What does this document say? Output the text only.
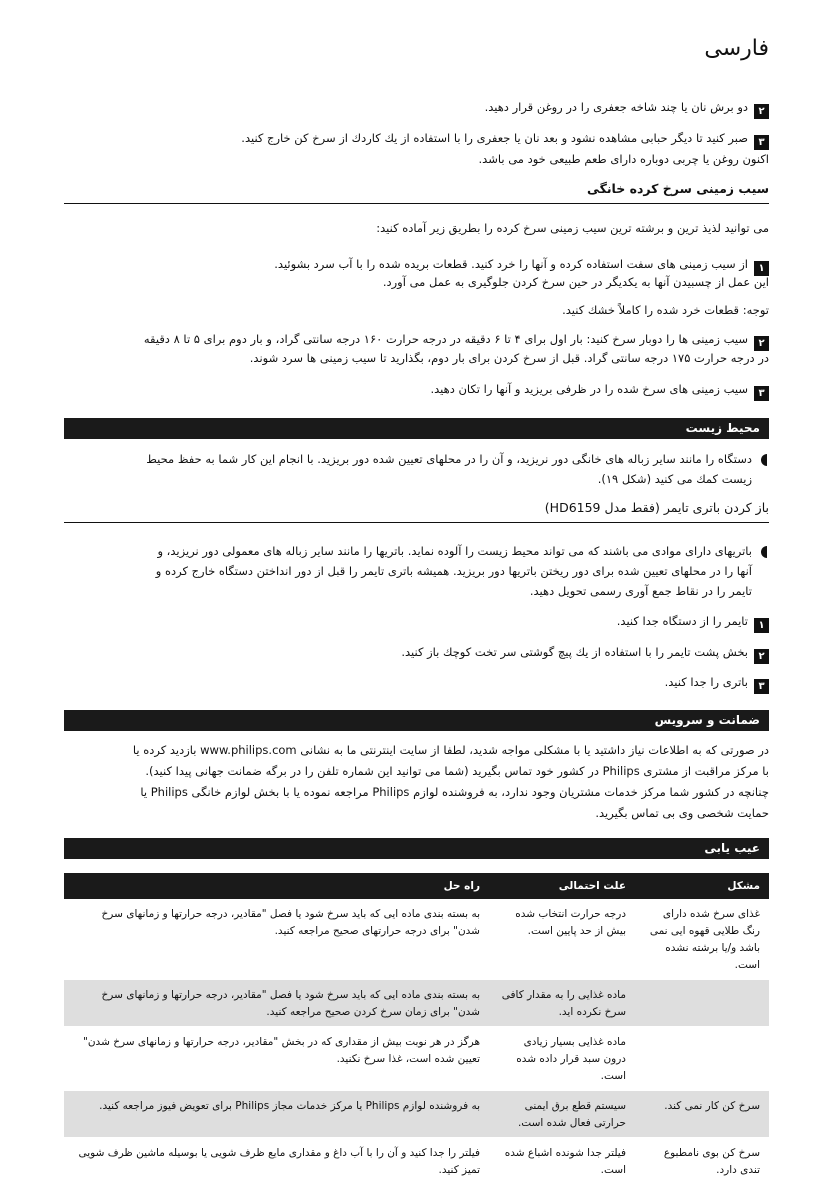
فارسی
۲دو برش نان یا چند شاخه جعفری را در روغن قرار دهید.
۳صبر کنید تا دیگر حبابی مشاهده نشود و بعد نان یا جعفری را با استفاده از یك کاردك از سرخ کن خارج کنید.
اکنون روغن یا چربی دوباره دارای طعم طبیعی خود می باشد.
سیب زمینی سرخ کرده خانگی
می توانید لذیذ ترین و برشته ترین سیب زمینی سرخ کرده را بطریق زیر آماده کنید:
۱از سیب زمینی های سفت استفاده کرده و آنها را خرد کنید. قطعات بریده شده را با آب سرد بشوئید.
این عمل از چسبیدن آنها به یکدیگر در حین سرخ کردن جلوگیری به عمل می آورد.
توجه: قطعات خرد شده را کاملاً خشك کنید.
۲سیب زمینی ها را دوبار سرخ کنید: بار اول برای ۴ تا ۶ دقیقه در درجه حرارت ۱۶۰ درجه سانتی گراد، و بار دوم برای ۵ تا ۸ دقیقه
در درجه حرارت ۱۷۵ درجه سانتی گراد. قبل از سرخ کردن برای بار دوم، بگذارید تا سیب زمینی ها سرد شوند.
۳سیب زمینی های سرخ شده را در ظرفی بریزید و آنها را تکان دهید.
محیط زیست
دستگاه را مانند سایر زباله های خانگی دور نریزید، و آن را در محلهای تعیین شده دور بریزید. با انجام این کار شما به حفظ محیط
زیست کمك می کنید (شکل ۱۹).
باز کردن باتری تایمر (فقط مدل HD6159)
باتریهای دارای موادی می باشند که می تواند محیط زیست را آلوده نماید. باتریها را مانند سایر زباله های معمولی دور نریزید، و
آنها را در محلهای تعیین شده برای دور ریختن باتریها دور بریزید. همیشه باتری تایمر را قبل از دور انداختن دستگاه خارج کرده و
تایمر را در نقاط جمع آوری رسمی تحویل دهید.
۱تایمر را از دستگاه جدا کنید.
۲بخش پشت تایمر را با استفاده از یك پیچ گوشتی سر تخت کوچك باز کنید.
۳باتری را جدا کنید.
ضمانت و سرویس
در صورتی که به اطلاعات نیاز داشتید یا با مشکلی مواجه شدید، لطفا از سایت اینترنتی ما به نشانی www.philips.com بازدید کرده یا
با مرکز مراقبت از مشتری Philips در کشور خود تماس بگیرید (شما می توانید این شماره تلفن را در برگه ضمانت جهانی پیدا کنید).
چنانچه در کشور شما مرکز خدمات مشتریان وجود ندارد، به فروشنده لوازم Philips مراجعه نموده یا با بخش لوازم خانگی Philips یا
حمایت شخصی وی بی تماس بگیرید.
عیب یابی
مشکل	علت احتمالی	راه حل
غذای سرخ شده دارای رنگ طلایی قهوه ایی نمی باشد و/یا برشته نشده است.	درجه حرارت انتخاب شده بیش از حد پایین است.	به بسته بندی ماده ایی که باید سرخ شود یا فصل "مقادیر، درجه حرارتها و زمانهای سرخ شدن" برای درجه حرارتهای صحیح مراجعه کنید.
	ماده غذایی را به مقدار کافی سرخ نکرده اید.	به بسته بندی ماده ایی که باید سرخ شود یا فصل "مقادیر، درجه حرارتها و زمانهای سرخ شدن" برای زمان سرخ کردن صحیح مراجعه کنید.
	ماده غذایی بسیار زیادی درون سبد قرار داده شده است.	هرگز در هر نوبت بیش از مقداری که در بخش "مقادیر، درجه حرارتها و زمانهای سرخ شدن" تعیین شده است، غذا سرخ نکنید.
سرخ کن کار نمی کند.	سیستم قطع برق ایمنی حرارتی فعال شده است.	به فروشنده لوازم Philips یا مرکز خدمات مجاز Philips برای تعویض فیوز مراجعه کنید.
سرخ کن بوی نامطبوع تندی دارد.	فیلتر جدا شونده اشباع شده است.	فیلتر را جدا کنید و آن را با آب داغ و مقداری مایع ظرف شویی یا بوسیله ماشین ظرف شویی تمیز کنید.
